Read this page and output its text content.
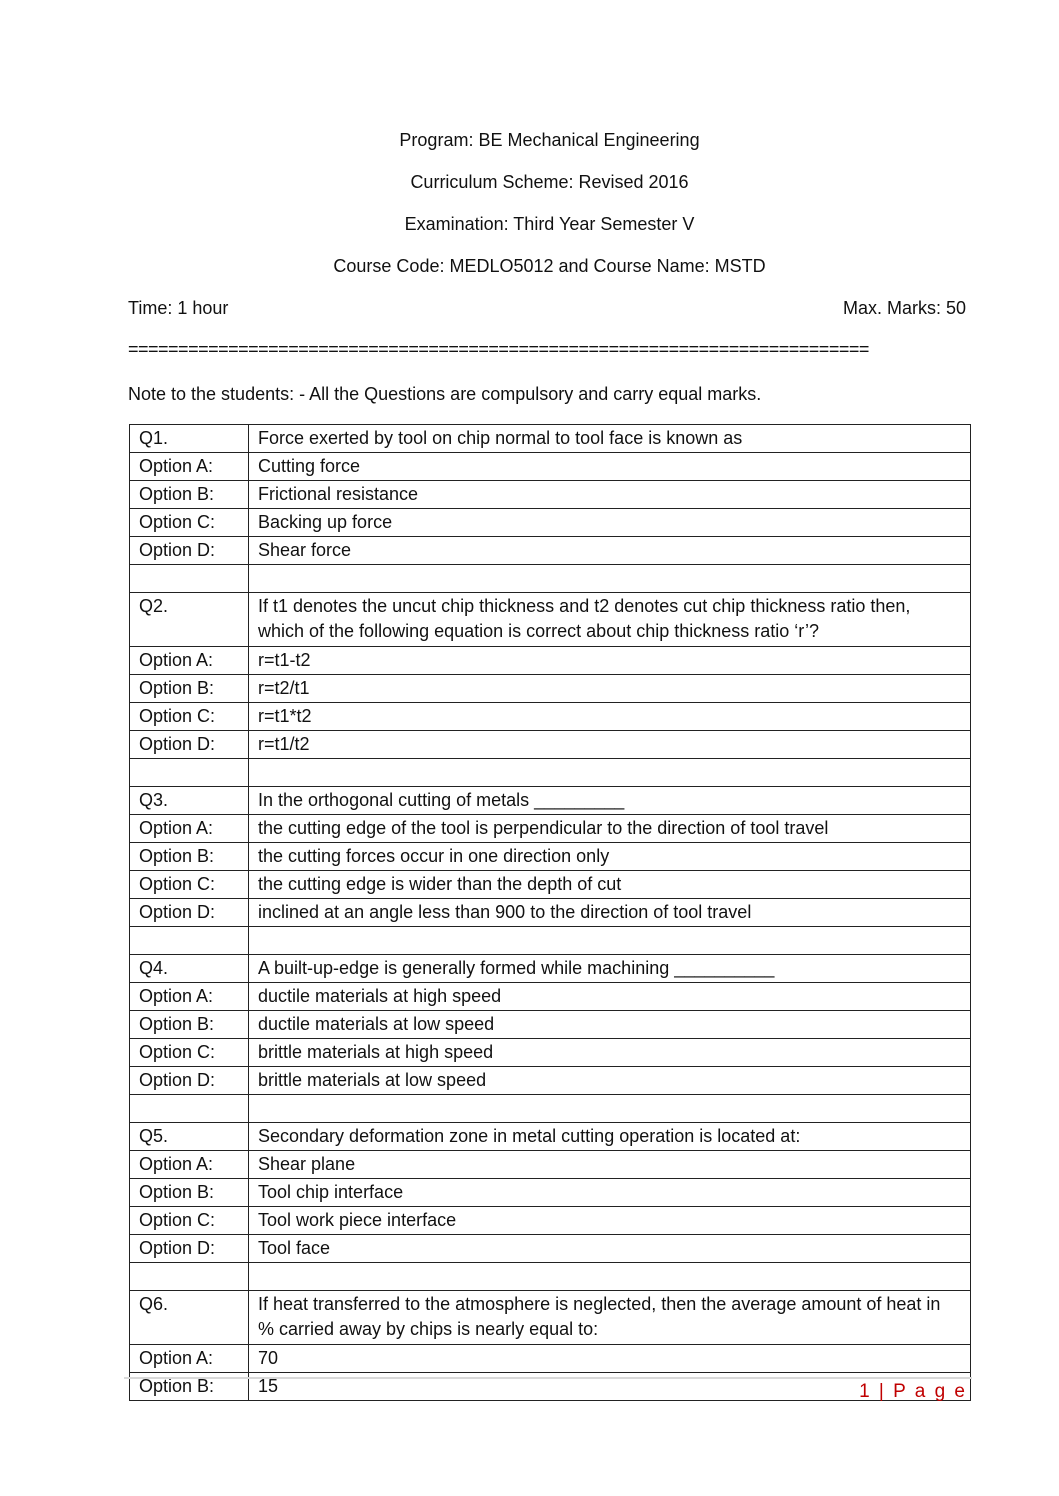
Program: BE Mechanical Engineering
Curriculum Scheme: Revised 2016
Examination: Third Year Semester V
Course Code: MEDLO5012 and Course Name: MSTD
Time: 1 hour	Max. Marks: 50
==========================================================================
Note to the students: - All the Questions are compulsory and carry equal marks.
Q1.	Force exerted by tool on chip normal to tool face is known as
Option A:	Cutting force
Option B:	Frictional resistance
Option C:	Backing up force
Option D:	Shear force

Q2.	If t1 denotes the uncut chip thickness and t2 denotes cut chip thickness ratio then, which of the following equation is correct about chip thickness ratio ‘r’?
Option A:	r=t1-t2
Option B:	r=t2/t1
Option C:	r=t1*t2
Option D:	r=t1/t2

Q3.	In the orthogonal cutting of metals _________
Option A:	the cutting edge of the tool is perpendicular to the direction of tool travel
Option B:	the cutting forces occur in one direction only
Option C:	the cutting edge is wider than the depth of cut
Option D:	inclined at an angle less than 900 to the direction of tool travel

Q4.	A built-up-edge is generally formed while machining __________
Option A:	ductile materials at high speed
Option B:	ductile materials at low speed
Option C:	brittle materials at high speed
Option D:	brittle materials at low speed

Q5.	Secondary deformation zone in metal cutting operation is located at:
Option A:	Shear plane
Option B:	Tool chip interface
Option C:	Tool work piece interface
Option D:	Tool face

Q6.	If heat transferred to the atmosphere is neglected, then the average amount of heat in % carried away by chips is nearly equal to:
Option A:	70
Option B:	15	1 | P a g e
